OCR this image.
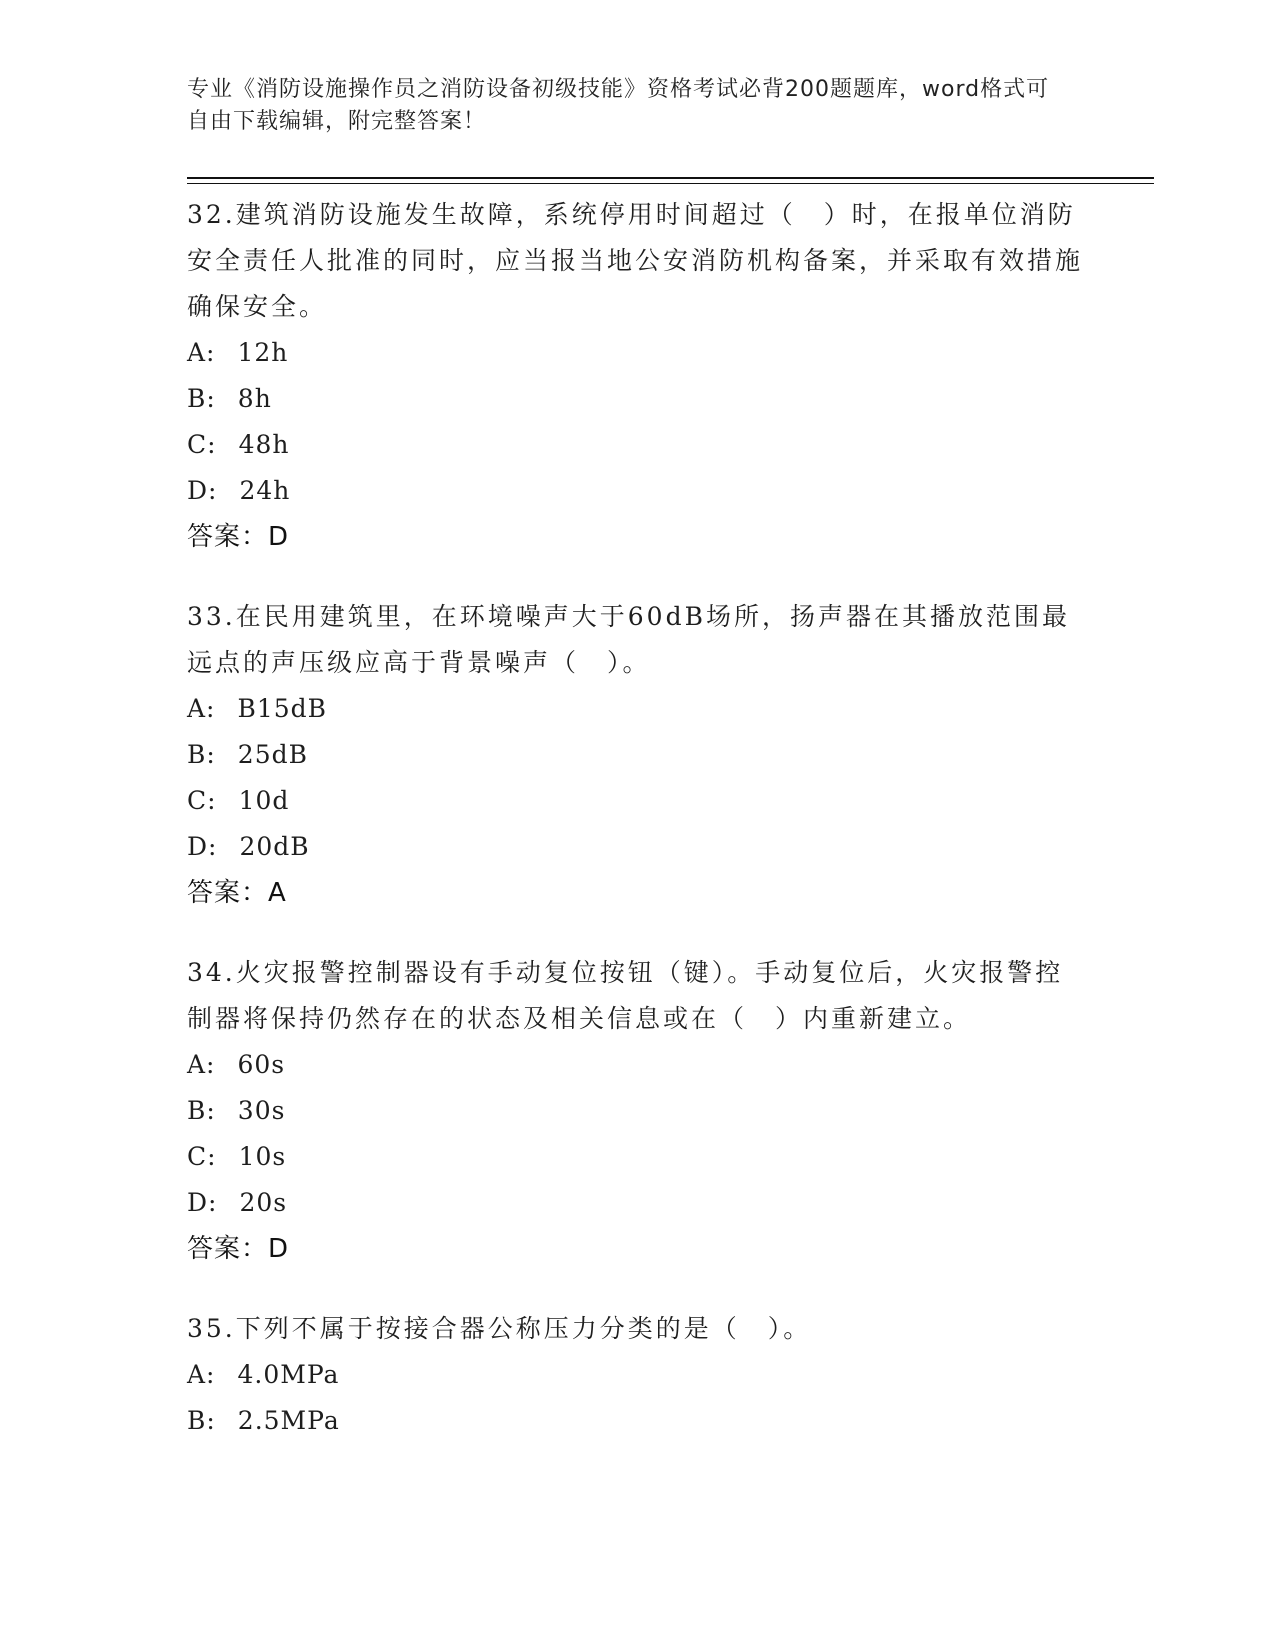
专业《消防设施操作员之消防设备初级技能》资格考试必背200题题库，word格式可自由下载编辑，附完整答案！

32.建筑消防设施发生故障，系统停用时间超过（　）时，在报单位消防安全责任人批准的同时，应当报当地公安消防机构备案，并采取有效措施确保安全。

A: 12h

B: 8h

C: 48h

D: 24h

答案：D

33.在民用建筑里，在环境噪声大于60dB场所，扬声器在其播放范围最远点的声压级应高于背景噪声（　）。

A: B15dB

B: 25dB

C: 10d

D: 20dB

答案：A

34.火灾报警控制器设有手动复位按钮（键）。手动复位后，火灾报警控制器将保持仍然存在的状态及相关信息或在（　）内重新建立。

A: 60s

B: 30s

C: 10s

D: 20s

答案：D

35.下列不属于按接合器公称压力分类的是（　）。

A: 4.0MPa

B: 2.5MPa
